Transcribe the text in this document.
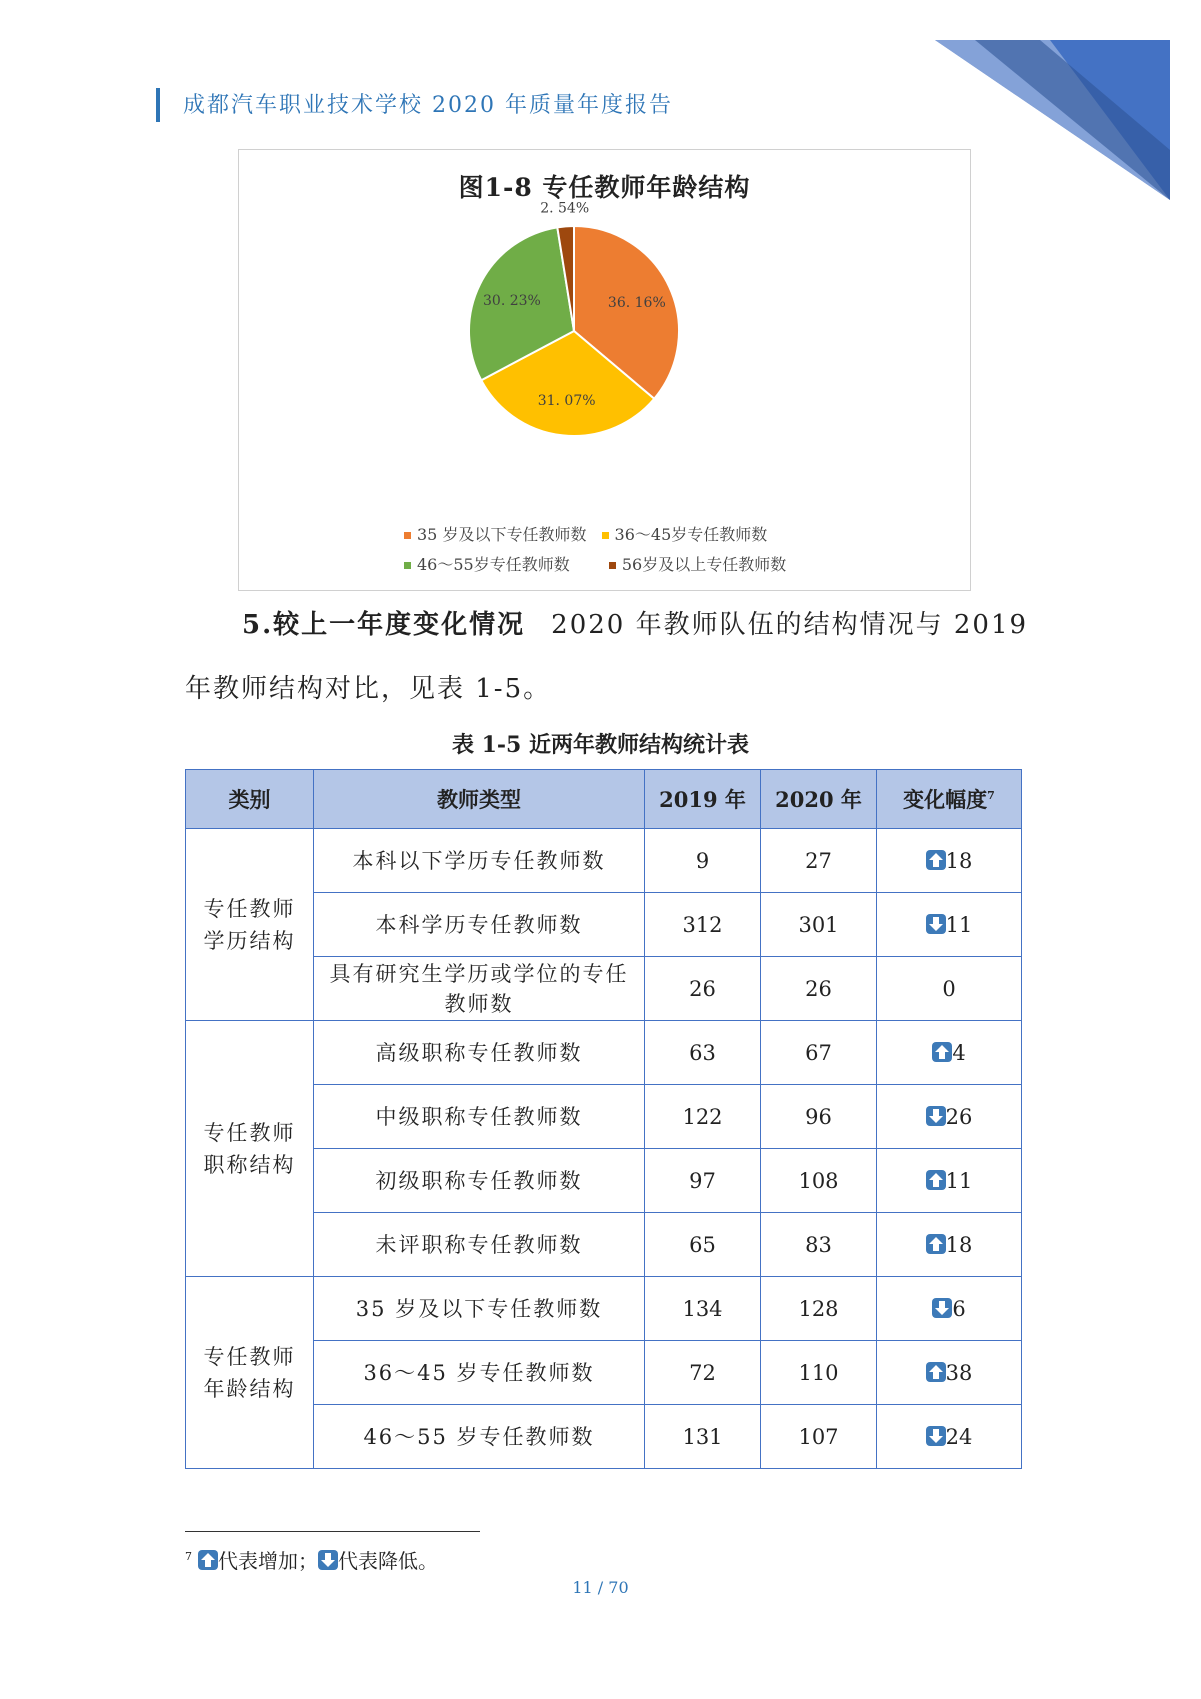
成都汽车职业技术学校 2020 年质量年度报告
图1-8 专任教师年龄结构
36. 16%
31. 07%
30. 23%
2. 54%
35 岁及以下专任教师数 36～45岁专任教师数
46～55岁专任教师数	56岁及以上专任教师数
5.较上一年度变化情况 2020 年教师队伍的结构情况与 2019
年教师结构对比，见表 1-5。
表 1-5 近两年教师结构统计表
类别	教师类型	2019 年	2020 年	变化幅度$^7$
专任教师
学历结构	本科以下学历专任教师数	9	27	18
	本科学历专任教师数	312	301	11
	具有研究生学历或学位的专任教师数	26	26	0
专任教师
职称结构	高级职称专任教师数	63	67	4
	中级职称专任教师数	122	96	26
	初级职称专任教师数	97	108	11
	未评职称专任教师数	65	83	18
专任教师
年龄结构	35 岁及以下专任教师数	134	128	6
	36～45 岁专任教师数	72	110	38
	46～55 岁专任教师数	131	107	24
$^7$ 代表增加； 代表降低。
11 / 70
